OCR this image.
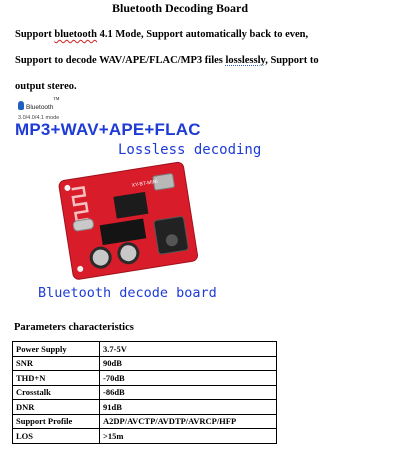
Bluetooth Decoding Board
Support bluetooth 4.1 Mode, Support automatically back to even, Support to decode WAV/APE/FLAC/MP3 files losslessly, Support to output stereo.
Bluetooth™
3.0/4.0/4.1 mode
MP3+WAV+APE+FLAC
Lossless decoding
XY-BT-MINI
Bluetooth decode board
Parameters characteristics
Power Supply	3.7-5V
SNR	90dB
THD+N	-70dB
Crosstalk	-86dB
DNR	91dB
Support Profile	A2DP/AVCTP/AVDTP/AVRCP/HFP
LOS	>15m
